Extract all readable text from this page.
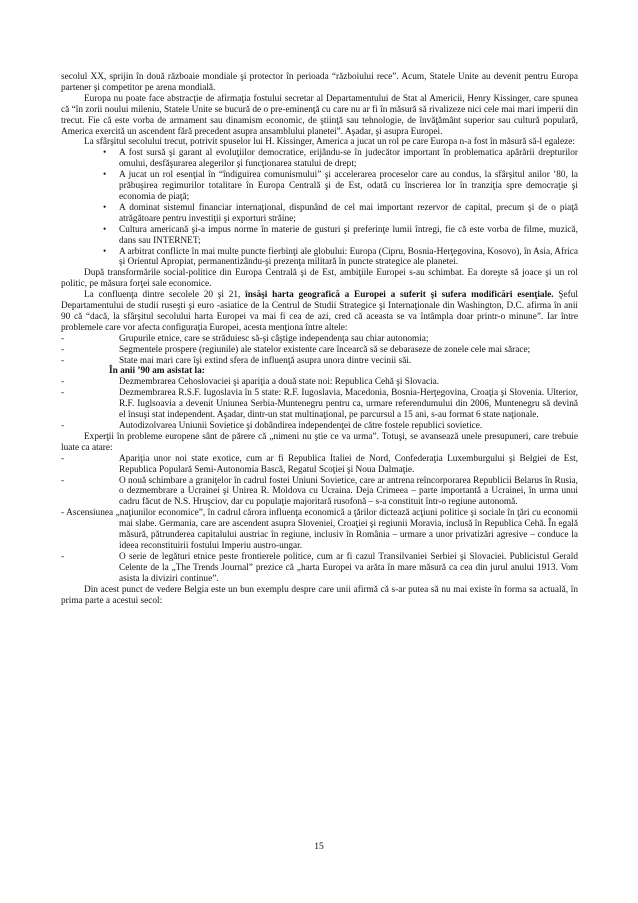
secolul XX, sprijin în două războaie mondiale şi protector în perioada “războiului rece”. Acum, Statele Unite au devenit pentru Europa partener şi competitor pe arena mondială.

Europa nu poate face abstracţie de afirmaţia fostului secretar al Departamentului de Stat al Americii, Henry Kissinger, care spunea că “în zorii noului mileniu, Statele Unite se bucură de o pre-eminenţă cu care nu ar fi în măsură să rivalizeze nici cele mai mari imperii din trecut. Fie că este vorba de armament sau dinamism economic, de ştiinţă sau tehnologie, de învăţământ superior sau cultură populară, America exercită un ascendent fără precedent asupra ansamblului planetei”. Aşadar, şi asupra Europei.

La sfârşitul secolului trecut, potrivit spuselor lui H. Kissinger, America a jucat un rol pe care Europa n-a fost în măsură să-l egaleze:

• A fost sursă şi garant al evoluţiilor democratice, erijându-se în judecător important în problematica apărării drepturilor omului, desfăşurarea alegerilor şi funcţionarea statului de drept;
• A jucat un rol esenţial în “îndiguirea comunismului” şi accelerarea proceselor care au condus, la sfârşitul anilor ’80, la prăbuşirea regimurilor totalitare în Europa Centrală şi de Est, odată cu înscrierea lor în tranziţia spre democraţie şi economia de piaţă;
• A dominat sistemul financiar internaţional, dispunând de cel mai important rezervor de capital, precum şi de o piaţă atrăgătoare pentru investiţii şi exporturi străine;
• Cultura americană şi-a impus norme în materie de gusturi şi preferinţe lumii întregi, fie că este vorba de filme, muzică, dans sau INTERNET;
• A arbitrat conflicte în mai multe puncte fierbinţi ale globului: Europa (Cipru, Bosnia-Herţegovina, Kosovo), în Asia, Africa şi Orientul Apropiat, permanentizându-şi prezenţa militară în puncte strategice ale planetei.

După transformările social-politice din Europa Centrală şi de Est, ambiţiile Europei s-au schimbat. Ea doreşte să joace şi un rol politic, pe măsura forţei sale economice.

La confluenţa dintre secolele 20 şi 21, însăşi harta geografică a Europei a suferit şi sufera modificări esenţiale. Şeful Departamentului de studii ruseşti şi euro -asiatice de la Centrul de Studii Strategice şi Internaţionale din Washington, D.C. afirma în anii 90 că “dacă, la sfârşitul secolului harta Europei va mai fi cea de azi, cred că aceasta se va întâmpla doar printr-o minune”. Iar între problemele care vor afecta configuraţia Europei, acesta menţiona între altele:

-	Grupurile etnice, care se străduiesc să-şi câştige independenţa sau chiar autonomia;
-	Segmentele prospere (regiunile) ale statelor existente care încearcă să se debaraseze de zonele cele mai sărace;
-	State mai mari care îşi extind sfera de influenţă asupra unora dintre vecinii săi.

În anii ’90 am asistat la:

-	Dezmembrarea Cehoslovaciei şi apariţia a două state noi: Republica Cehă şi Slovacia.
-	Dezmembrarea R.S.F. Iugoslavia în 5 state: R.F. Iugoslavia, Macedonia, Bosnia-Herţegovina, Croaţia şi Slovenia. Ulterior, R.F. Iuglsoavia a devenit Uniunea Serbia-Muntenegru pentru ca, urmare referendumului din 2006, Muntenegru să devină el însuşi stat independent. Aşadar, dintr-un stat multinaţional, pe parcursul a 15 ani, s-au format 6 state naţionale.
-	Autodizolvarea Uniunii Sovietice şi dobândirea independenţei de către fostele republici sovietice.

Experţii în probleme europene sânt de părere că „nimeni nu ştie ce va urma”. Totuşi, se avansează unele presupuneri, care trebuie luate ca atare:

-	Apariţia unor noi state exotice, cum ar fi Republica Italiei de Nord, Confederaţia Luxemburgului şi Belgiei de Est, Republica Populară Semi-Autonomia Bască, Regatul Scoţiei şi Noua Dalmaţie.
-	O nouă schimbare a graniţelor în cadrul fostei Uniuni Sovietice, care ar antrena reîncorporarea Republicii Belarus în Rusia, o dezmembrare a Ucrainei şi Unirea R. Moldova cu Ucraina. Deja Crimeea – parte importantă a Ucrainei, în urma unui cadru făcut de N.S. Hruşciov, dar cu populaţie majoritară rusofonă – s-a constituit într-o regiune autonomă.
- Ascensiunea „naţiunilor economice”, în cadrul cărora influenţa economică a ţărilor dictează acţiuni politice şi sociale în ţări cu economii mai slabe. Germania, care are ascendent asupra Sloveniei, Croaţiei şi regiunii Moravia, inclusă în Republica Cehă. În egală măsură, pătrunderea capitalului austriac în regiune, inclusiv în România – urmare a unor privatizări agresive – conduce la ideea reconstituirii fostului Imperiu austro-ungar.
-	O serie de legături etnice peste frontierele politice, cum ar fi cazul Transilvaniei Serbiei şi Slovaciei. Publicistul Gerald Celente de la „The Trends Journal” prezice că „harta Europei va arăta în mare măsură ca cea din jurul anului 1913. Vom asista la diviziri continue”.

Din acest punct de vedere Belgia este un bun exemplu despre care unii afirmă că s-ar putea să nu mai existe în forma sa actuală, în prima parte a acestui secol:

15
